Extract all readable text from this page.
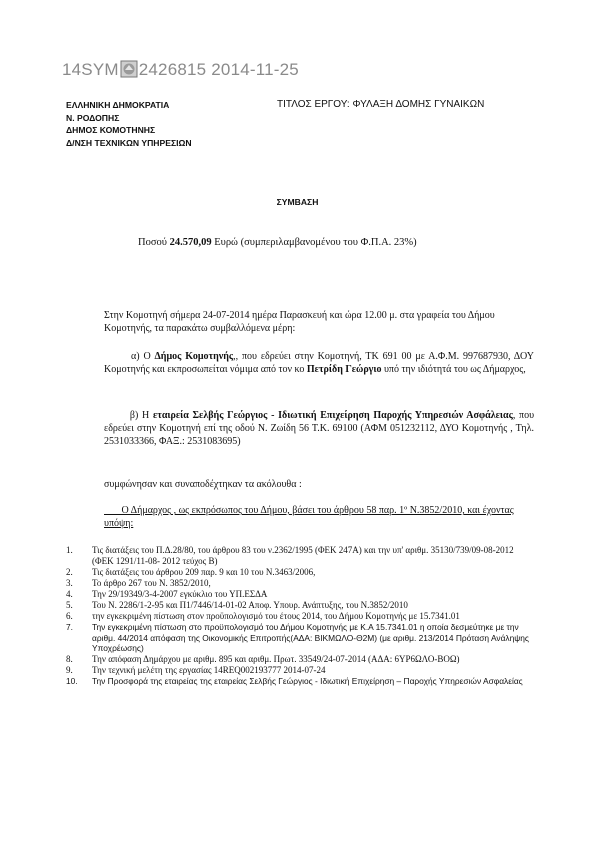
14SYM 2426815 2014-11-25
ΕΛΛΗΝΙΚΗ ΔΗΜΟΚΡΑΤΙΑ
Ν. ΡΟΔΟΠΗΣ
ΔΗΜΟΣ ΚΟΜΟΤΗΝΗΣ
Δ/ΝΣΗ ΤΕΧΝΙΚΩΝ ΥΠΗΡΕΣΙΩΝ
ΤΙΤΛΟΣ ΕΡΓΟΥ: ΦΥΛΑΞΗ ΔΟΜΗΣ ΓΥΝΑΙΚΩΝ
ΣΥΜΒΑΣΗ
Ποσού 24.570,09 Ευρώ (συμπεριλαμβανομένου του Φ.Π.Α. 23%)
Στην Κομοτηνή σήμερα 24-07-2014 ημέρα Παρασκευή και ώρα 12.00 μ. στα γραφεία του Δήμου Κομοτηνής, τα παρακάτω συμβαλλόμενα μέρη:
α) Ο Δήμος Κομοτηνής,, που εδρεύει στην Κομοτηνή, ΤΚ 691 00 με Α.Φ.Μ. 997687930, ΔΟΥ Κομοτηνής και εκπροσωπείται νόμιμα από τον κο Πετρίδη Γεώργιο υπό την ιδιότητά του ως Δήμαρχος,
β) Η εταιρεία Σελβής Γεώργιος - Ιδιωτική Επιχείρηση Παροχής Υπηρεσιών Ασφάλειας, που εδρεύει στην Κομοτηνή επί της οδού Ν. Ζωίδη 56 Τ.Κ. 69100 (ΑΦΜ 051232112, ΔΥΟ Κομοτηνής , Τηλ. 2531033366, ΦΑΞ.: 2531083695)
συμφώνησαν και συναποδέχτηκαν τα ακόλουθα :
Ο Δήμαρχος , ως εκπρόσωπος του Δήμου, βάσει του άρθρου 58 παρ. 1º Ν.3852/2010, και έχοντας υπόψη:
1.	Τις διατάξεις του Π.Δ.28/80, του άρθρου 83 του ν.2362/1995 (ΦΕΚ 247Α) και την υπ' αριθμ. 35130/739/09-08-2012 (ΦΕΚ 1291/11-08- 2012 τεύχος Β)
2.	Τις διατάξεις του άρθρου 209 παρ. 9 και 10 του Ν.3463/2006,
3.	Το άρθρο 267 του Ν. 3852/2010,
4.	Την 29/19349/3-4-2007 εγκύκλιο του ΥΠ.ΕΣΔΑ
5.	Του Ν. 2286/1-2-95 και Π1/7446/14-01-02 Αποφ. Υπουρ. Ανάπτυξης, του Ν.3852/2010
6.	την εγκεκριμένη πίστωση στον προϋπολογισμό του έτους 2014, του Δήμου Κομοτηνής με 15.7341.01
7.	Την εγκεκριμένη πίστωση στο προϋπολογισμό του Δήμου Κομοτηνής με Κ.Α 15.7341.01 η οποία δεσμεύτηκε με την αριθμ. 44/2014 απόφαση της Οικονομικής Επιτροπής(ΑΔΑ: ΒΙΚΜΩΛΟ-Θ2Μ) (με αριθμ. 213/2014 Πρόταση Ανάληψης Υποχρέωσης)
8.	Την απόφαση Δημάρχου με αριθμ. 895 και αριθμ. Πρωτ. 33549/24-07-2014 (ΑΔΑ: 6ΥΡ6ΩΛΟ-ΒΟΩ)
9.	Την τεχνική μελέτη της εργασίας 14REQ002193777 2014-07-24
10.	Την Προσφορά της εταιρείας της εταιρείας Σελβής Γεώργιος - Ιδιωτική Επιχείρηση – Παροχής Υπηρεσιών Ασφαλείας
